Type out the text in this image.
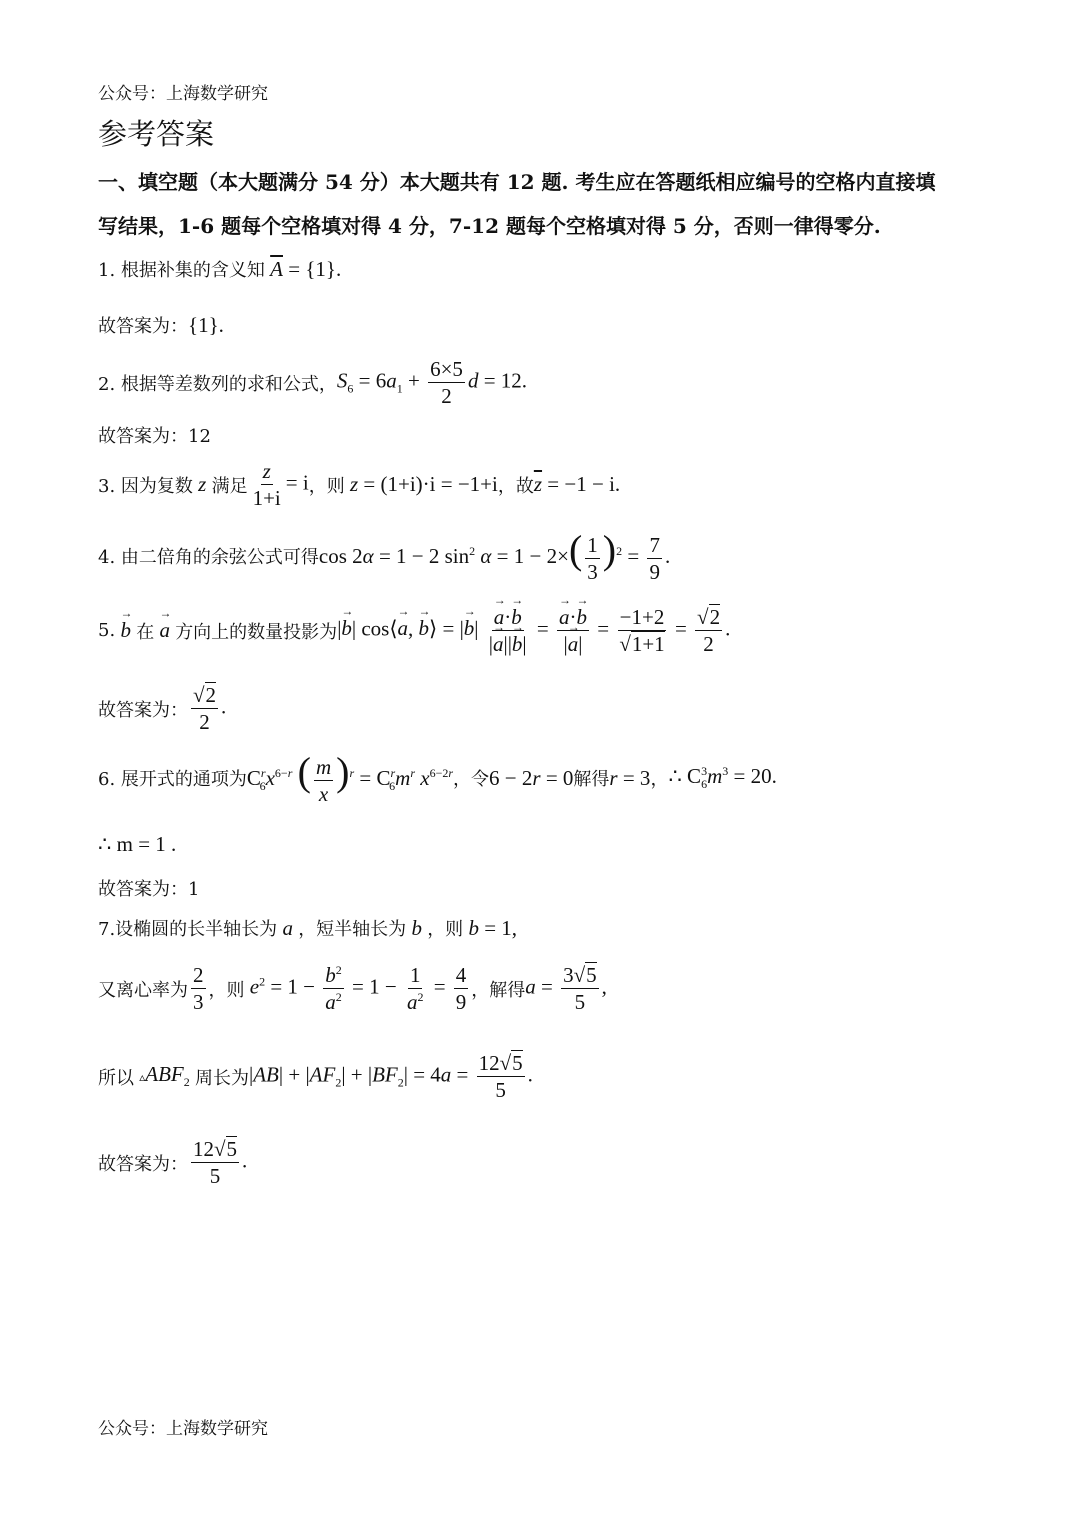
公众号：上海数学研究
参考答案
一、填空题（本大题满分 54 分）本大题共有 12 题. 考生应在答题纸相应编号的空格内直接填
写结果，1-6 题每个空格填对得 4 分，7-12 题每个空格填对得 5 分，否则一律得零分.
1. 根据补集的含义知 $\overline{A} = \{1\}$.
故答案为： {1}.
2. 根据等差数列的求和公式， $S_6 = 6a_1 + \frac{6\times 5}{2}$ d = 12.
故答案为：12
3. 因为复数 z 满足 $\frac{z}{1+i} = i$ ，则 z = (1+i)·i = −1+i ，故 $\overline{z} = -1 - i$.
4. 由二倍角的余弦公式可得 cos 2α = 1 − 2 $\sin^2 \alpha = 1 - 2\times( \frac{1}{3} )^2 = \frac{7}{9}$ .
5. → b 在 → a 方向上的数量投影为 |→ b| cos⟨→ a, → b⟩ = |→ $b| \to \frac{a\cdot\to b}{|\to a||\to b|}$ = → $\frac{a\cdot\to b}{|\to a|} = \frac{-1+2}{√1+1} = \frac{√2}{2}$ .
故答案为： $\frac{√2}{2}$ .
6. 展开式的通项为 $C^r_6x^{6-r}$ ( $\frac{m}{x} )^r = C^r_6m^r$ $x^{6-2r}$ ，令 6 − 2r = 0 解得 r = 3 ， ∴ $C^3_6m^3 = 20$.
∴ m = 1 .
故答案为：1
7.设椭圆的长半轴长为 a ，短半轴长为 b ，则 b = 1,
又离心率为 $\frac{2}{3}$ ，则 $e^2 = 1 - \frac{b^2}{a^2} = 1 - \frac{1}{a^2} = \frac{4}{9}$ ，解得 $a = \frac{3√5}{5}$ ,
所以 $▵ABF_2$ 周长为 $|AB| + |AF_2| + |BF_2| = 4a = \frac{12√5}{5}$ .
故答案为： $\frac{12√5}{5}$ .
公众号：上海数学研究
